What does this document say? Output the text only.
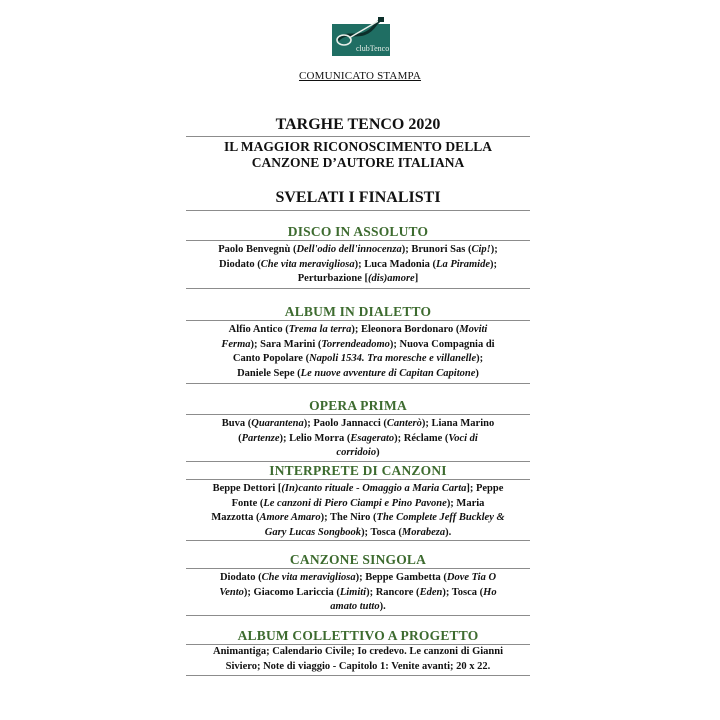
clubTenco
COMUNICATO STAMPA
TARGHE TENCO 2020
IL MAGGIOR RICONOSCIMENTO DELLA
CANZONE D’AUTORE ITALIANA
SVELATI I FINALISTI
DISCO IN ASSOLUTO
Paolo Benvegnù (Dell'odio dell'innocenza); Brunori Sas (Cip!);
Diodato (Che vita meravigliosa); Luca Madonia (La Piramide);
Perturbazione [(dis)amore]
ALBUM IN DIALETTO
Alfio Antico (Trema la terra); Eleonora Bordonaro (Moviti
Ferma); Sara Marini (Torrendeadomo); Nuova Compagnia di
Canto Popolare (Napoli 1534. Tra moresche e villanelle);
Daniele Sepe (Le nuove avventure di Capitan Capitone)
OPERA PRIMA
Buva (Quarantena); Paolo Jannacci (Canterò); Liana Marino
(Partenze); Lelio Morra (Esagerato); Réclame (Voci di
corridoio)
INTERPRETE DI CANZONI
Beppe Dettori [(In)canto rituale - Omaggio a Maria Carta]; Peppe
Fonte (Le canzoni di Piero Ciampi e Pino Pavone); Maria
Mazzotta (Amore Amaro); The Niro (The Complete Jeff Buckley &
Gary Lucas Songbook); Tosca (Morabeza).
CANZONE SINGOLA
Diodato (Che vita meravigliosa); Beppe Gambetta (Dove Tia O
Vento); Giacomo Lariccia (Limiti); Rancore (Eden); Tosca (Ho
amato tutto).
ALBUM COLLETTIVO A PROGETTO
Animantiga; Calendario Civile; Io credevo. Le canzoni di Gianni
Siviero; Note di viaggio - Capitolo 1: Venite avanti; 20 x 22.
